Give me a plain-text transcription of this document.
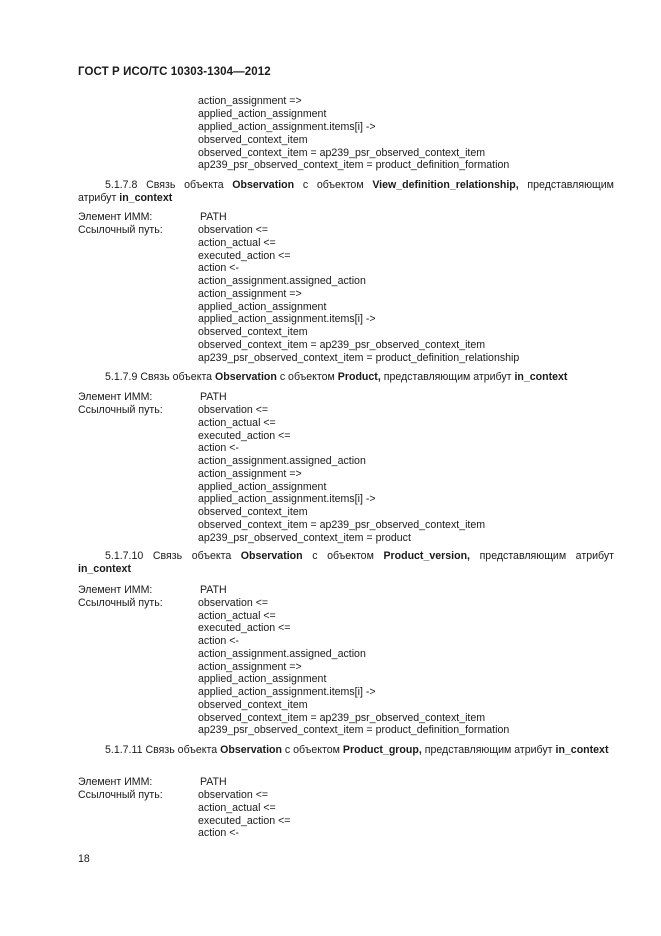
ГОСТ Р ИСО/ТС 10303-1304—2012
action_assignment =>
applied_action_assignment
applied_action_assignment.items[i] ->
observed_context_item
observed_context_item = ap239_psr_observed_context_item
ap239_psr_observed_context_item = product_definition_formation
5.1.7.8 Связь объекта Observation с объектом View_definition_relationship, представляющим атрибут in_context
Элемент ИММ:	PATH
Ссылочный путь:	observation <=
action_actual <=
executed_action <=
action <-
action_assignment.assigned_action
action_assignment =>
applied_action_assignment
applied_action_assignment.items[i] ->
observed_context_item
observed_context_item = ap239_psr_observed_context_item
ap239_psr_observed_context_item = product_definition_relationship
5.1.7.9 Связь объекта Observation с объектом Product, представляющим атрибут in_context
Элемент ИММ:	PATH
Ссылочный путь:	observation <=
action_actual <=
executed_action <=
action <-
action_assignment.assigned_action
action_assignment =>
applied_action_assignment
applied_action_assignment.items[i] ->
observed_context_item
observed_context_item = ap239_psr_observed_context_item
ap239_psr_observed_context_item = product
5.1.7.10 Связь объекта Observation с объектом Product_version, представляющим атрибут in_context
Элемент ИММ:	PATH
Ссылочный путь:	observation <=
action_actual <=
executed_action <=
action <-
action_assignment.assigned_action
action_assignment =>
applied_action_assignment
applied_action_assignment.items[i] ->
observed_context_item
observed_context_item = ap239_psr_observed_context_item
ap239_psr_observed_context_item = product_definition_formation
5.1.7.11 Связь объекта Observation с объектом Product_group, представляющим атрибут in_context
Элемент ИММ:	PATH
Ссылочный путь:	observation <=
action_actual <=
executed_action <=
action <-
18
